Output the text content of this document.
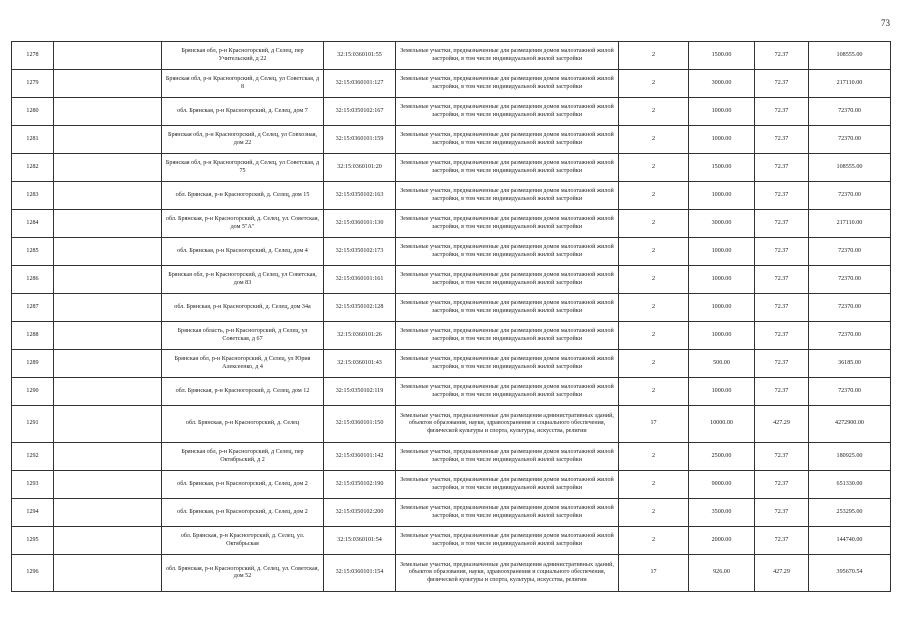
73
1278		Брянская обл, р-н Красногорский, д Селец, пер Учительский, д 22	32:15:0360101:55	Земельные участки, предназначенные для размещения домов малоэтажной жилой застройки, в том числе индивидуальной жилой застройки	2	1500.00	72.37	108555.00
1279		Брянская обл, р-н Красногорский, д Селец, ул Советская, д 8	32:15:0360101:127	Земельные участки, предназначенные для размещения домов малоэтажной жилой застройки, в том числе индивидуальной жилой застройки	2	3000.00	72.37	217110.00
1280		обл. Брянская, р-н Красногорский, д. Селец, дом 7	32:15:0350102:167	Земельные участки, предназначенные для размещения домов малоэтажной жилой застройки, в том числе индивидуальной жилой застройки	2	1000.00	72.37	72370.00
1281		Брянская обл, р-н Красногорский, д Селец, ул Совхозная, дом 22	32:15:0360101:159	Земельные участки, предназначенные для размещения домов малоэтажной жилой застройки, в том числе индивидуальной жилой застройки	2	1000.00	72.37	72370.00
1282		Брянская обл, р-н Красногорский, д Селец, ул Советская, д 75	32:15:0360101:20	Земельные участки, предназначенные для размещения домов малоэтажной жилой застройки, в том числе индивидуальной жилой застройки	2	1500.00	72.37	108555.00
1283		обл. Брянская, р-н Красногорский, д. Селец, дом 15	32:15:0350102:163	Земельные участки, предназначенные для размещения домов малоэтажной жилой застройки, в том числе индивидуальной жилой застройки	2	1000.00	72.37	72370.00
1284		обл. Брянская, р-н Красногорский, д. Селец, ул. Советская, дом 5"А"	32:15:0360101:130	Земельные участки, предназначенные для размещения домов малоэтажной жилой застройки, в том числе индивидуальной жилой застройки	2	3000.00	72.37	217110.00
1285		обл. Брянская, р-н Красногорский, д. Селец, дом 4	32:15:0350102:173	Земельные участки, предназначенные для размещения домов малоэтажной жилой застройки, в том числе индивидуальной жилой застройки	2	1000.00	72.37	72370.00
1286		Брянская обл, р-н Красногорский, д Селец, ул Советская, дом 83	32:15:0360101:161	Земельные участки, предназначенные для размещения домов малоэтажной жилой застройки, в том числе индивидуальной жилой застройки	2	1000.00	72.37	72370.00
1287		обл. Брянская, р-н Красногорский, д. Селец, дом 34а	32:15:0350102:128	Земельные участки, предназначенные для размещения домов малоэтажной жилой застройки, в том числе индивидуальной жилой застройки	2	1000.00	72.37	72370.00
1288		Брянская область, р-н Красногорский, д Селец, ул Советская, д 67	32:15:0360101:26	Земельные участки, предназначенные для размещения домов малоэтажной жилой застройки, в том числе индивидуальной жилой застройки	2	1000.00	72.37	72370.00
1289		Брянская обл, р-н Красногорский, д Селец, ул Юрия Алексеенко, д 4	32:15:0360101:43	Земельные участки, предназначенные для размещения домов малоэтажной жилой застройки, в том числе индивидуальной жилой застройки	2	500.00	72.37	36185.00
1290		обл. Брянская, р-н Красногорский, д. Селец, дом 12	32:15:0350102:119	Земельные участки, предназначенные для размещения домов малоэтажной жилой застройки, в том числе индивидуальной жилой застройки	2	1000.00	72.37	72370.00
1291		обл. Брянская, р-н Красногорский, д. Селец	32:15:0360101:150	Земельные участки, предназначенные для размещения административных зданий, объектов образования, науки, здравоохранения и социального обеспечения, физической культуры и спорта, культуры, искусства, религии	17	10000.00	427.29	4272900.00
1292		Брянская обл, р-н Красногорский, д Селец, пер Октябрьский, д 2	32:15:0360101:142	Земельные участки, предназначенные для размещения домов малоэтажной жилой застройки, в том числе индивидуальной жилой застройки	2	2500.00	72.37	180925.00
1293		обл. Брянская, р-н Красногорский, д. Селец, дом 2	32:15:0350102:190	Земельные участки, предназначенные для размещения домов малоэтажной жилой застройки, в том числе индивидуальной жилой застройки	2	9000.00	72.37	651330.00
1294		обл. Брянская, р-н Красногорский, д. Селец, дом 2	32:15:0350102:200	Земельные участки, предназначенные для размещения домов малоэтажной жилой застройки, в том числе индивидуальной жилой застройки	2	3500.00	72.37	253295.00
1295		обл. Брянская, р-н Красногорский, д. Селец, ул. Октябрьская	32:15:0360101:54	Земельные участки, предназначенные для размещения домов малоэтажной жилой застройки, в том числе индивидуальной жилой застройки	2	2000.00	72.37	144740.00
1296		обл. Брянская, р-н Красногорский, д. Селец, ул. Советская, дом 52	32:15:0360101:154	Земельные участки, предназначенные для размещения административных зданий, объектов образования, науки, здравоохранения и социального обеспечения, физической культуры и спорта, культуры, искусства, религии	17	926.00	427.29	395670.54
